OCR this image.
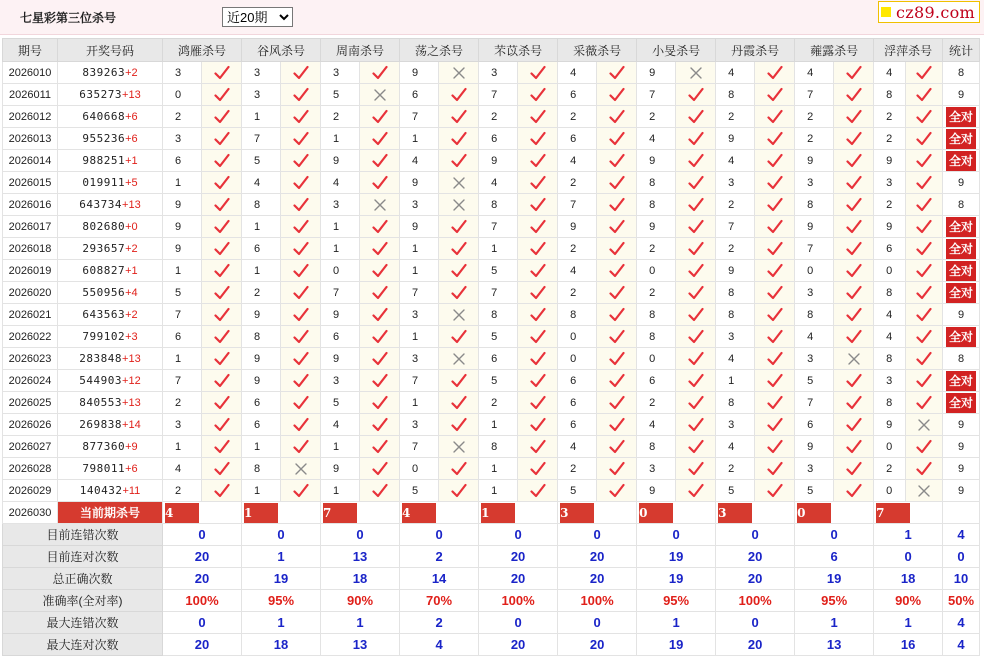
七星彩第三位杀号
近20期	cz89.com
期号	开奖号码	鸿雁杀号		谷风杀号		周南杀号		荡之杀号		芣苡杀号		采薇杀号		小旻杀号		丹霞杀号		蕹露杀号		浮萍杀号		统计
2026010	839263+2	3		3		3		9		3		4		9		4		4		4		8
2026011	635273+13	0		3		5		6		7		6		7		8		7		8		9
2026012	640668+6	2		1		2		7		2		2		2		2		2		2		全对
2026013	955236+6	3		7		1		1		6		6		4		9		2		2		全对
2026014	988251+1	6		5		9		4		9		4		9		4		9		9		全对
2026015	019911+5	1		4		4		9		4		2		8		3		3		3		9
2026016	643734+13	9		8		3		3		8		7		8		2		8		2		8
2026017	802680+0	9		1		1		9		7		9		9		7		9		9		全对
2026018	293657+2	9		6		1		1		1		2		2		2		7		6		全对
2026019	608827+1	1		1		0		1		5		4		0		9		0		0		全对
2026020	550956+4	5		2		7		7		7		2		2		8		3		8		全对
2026021	643563+2	7		9		9		3		8		8		8		8		8		4		9
2026022	799102+3	6		8		6		1		5		0		8		3		4		4		全对
2026023	283848+13	1		9		9		3		6		0		0		4		3		8		8
2026024	544903+12	7		9		3		7		5		6		6		1		5		3		全对
2026025	840553+13	2		6		5		1		2		6		2		8		7		8		全对
2026026	269838+14	3		6		4		3		1		6		4		3		6		9		9
2026027	877360+9	1		1		1		7		8		4		8		4		9		0		9
2026028	798011+6	4		8		9		0		1		2		3		2		3		2		9
2026029	140432+11	2		1		1		5		1		5		9		5		5		0		9
2026030	当前期杀号	4		1		7		4		1		3		0		3		0		7		
目前连错次数		0		0		0		0		0		0		0		0		0		1		4
目前连对次数		20		1		13		2		20		20		19		20		6		0		0
总正确次数		20		19		18		14		20		20		19		20		19		18		10
准确率(全对率)		100%		95%		90%		70%		100%		100%		95%		100%		95%		90%		50%
最大连错次数		0		1		1		2		0		0		1		0		1		1		4
最大连对次数		20		18		13		4		20		20		19		20		13		16		4
